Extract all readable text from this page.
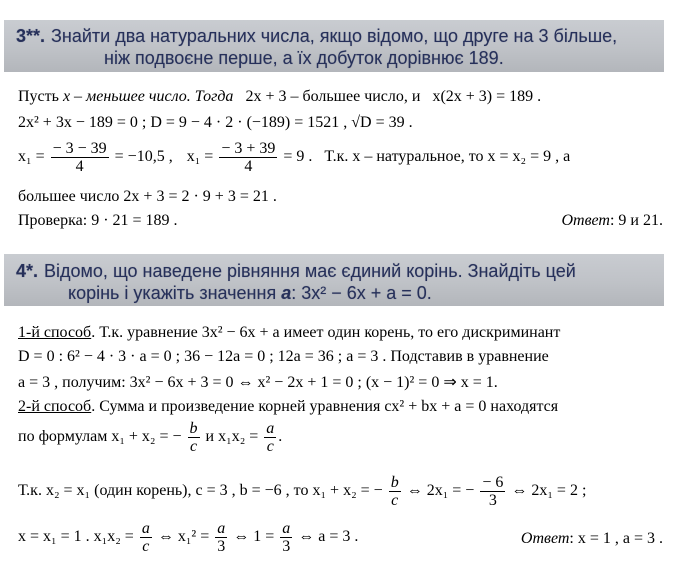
3**. Знайти два натуральних числа, якщо відомо, що друге на 3 більше,
ніж подвоєне перше, а їх добуток дорівнює 189.
Пусть x – меньшее число. Тогда 2x + 3 – большее число, и x(2x + 3) = 189 .
2x² + 3x − 189 = 0 ; D = 9 − 4 · 2 · (−189) = 1521 , √D = 39 .
$x_1 = \frac{- 3 - 39}{4} = -10,5$ , $x_1 = \frac{- 3 + 39}{4} = 9$ . Т.к. x – натуральное, то x = x₂ = 9 , а
большее число 2x + 3 = 2 · 9 + 3 = 21 .
Проверка: 9 · 21 = 189 .	Ответ: 9 и 21.
4*. Відомо, що наведене рівняння має єдиний корінь. Знайдіть цей
корінь і укажіть значення a: 3x² − 6x + a = 0.
1-й способ. Т.к. уравнение 3x² − 6x + a имеет один корень, то его дискриминант
D = 0 : 6² − 4 · 3 · a = 0 ; 36 − 12a = 0 ; 12a = 36 ; a = 3 . Подставив в уравнение
a = 3 , получим: 3x² − 6x + 3 = 0 ⇔ x² − 2x + 1 = 0 ; (x − 1)² = 0 ⇒ x = 1.
2-й способ. Сумма и произведение корней уравнения cx² + bx + a = 0 находятся
по формулам x₁ + x₂ = − $\frac{b}{c}$ и $x_1x_2 = \frac{a}{c}$ .
Т.к. x₂ = x₁ (один корень), c = 3 , b = −6 , то x₁ + x₂ = − $\frac{b}{c}$ ⇔ 2x₁ = − $\frac{- 6}{3}$ ⇔ 2x₁ = 2 ;
x = x₁ = 1 . $x_1x_2 = \frac{a}{c}$ ⇔ $x_1^2 = \frac{a}{3}$ ⇔ $1 = \frac{a}{3}$ ⇔ a = 3 .	Ответ: x = 1 , a = 3 .
